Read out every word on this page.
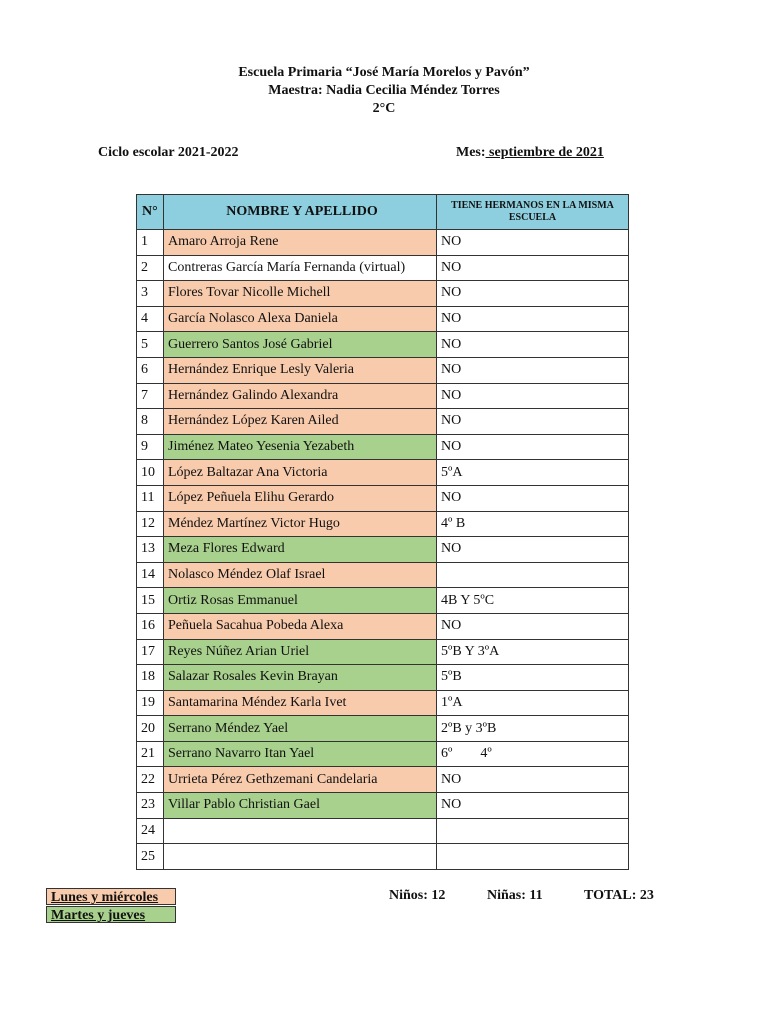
Escuela Primaria “José María Morelos y Pavón”
Maestra: Nadia Cecilia Méndez Torres
2°C
Ciclo escolar 2021-2022	Mes: septiembre de 2021
N°	NOMBRE Y APELLIDO	TIENE HERMANOS EN LA MISMA ESCUELA
1	Amaro Arroja Rene	NO
2	Contreras García María Fernanda (virtual)	NO
3	Flores Tovar Nicolle Michell	NO
4	García Nolasco Alexa Daniela	NO
5	Guerrero Santos José Gabriel	NO
6	Hernández Enrique Lesly Valeria	NO
7	Hernández Galindo Alexandra	NO
8	Hernández López Karen Ailed	NO
9	Jiménez Mateo Yesenia Yezabeth	NO
10	López Baltazar Ana Victoria	5ºA
11	López Peñuela Elihu Gerardo	NO
12	Méndez Martínez Victor Hugo	4º B
13	Meza Flores Edward	NO
14	Nolasco Méndez Olaf Israel	
15	Ortiz Rosas Emmanuel	4B Y 5ºC
16	Peñuela Sacahua Pobeda Alexa	NO
17	Reyes Núñez Arian Uriel	5ºB Y 3ºA
18	Salazar Rosales Kevin Brayan	5ºB
19	Santamarina Méndez Karla Ivet	1ºA
20	Serrano Méndez Yael	2ºB y 3ºB
21	Serrano Navarro Itan Yael	6º        4º
22	Urrieta Pérez Gethzemani Candelaria	NO
23	Villar Pablo Christian Gael	NO
24		
25		
Lunes y miércoles
Martes y jueves
Niños: 12	Niñas: 11	TOTAL: 23
